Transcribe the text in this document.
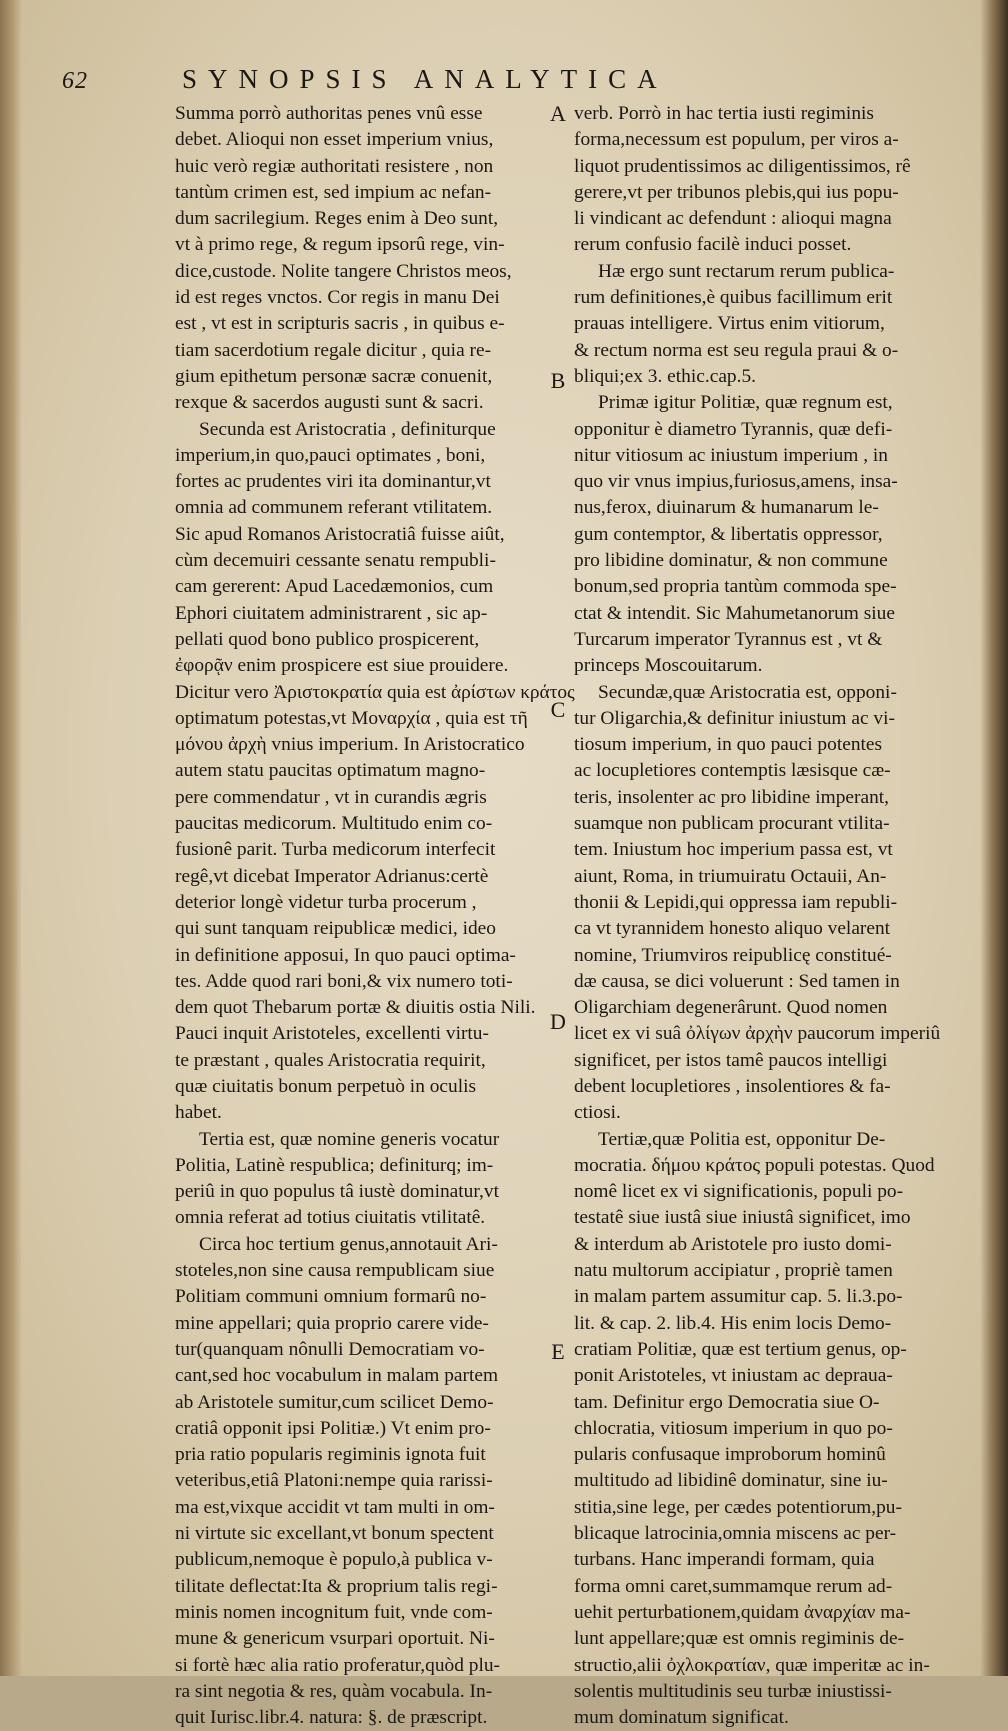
62	SYNOPSIS ANALYTICA
A
B
C
D
E
Summa porrò authoritas penes vnû esse
debet. Alioqui non esset imperium vnius,
huic verò regiæ authoritati resistere , non
tantùm crimen est, sed impium ac nefan-
dum sacrilegium. Reges enim à Deo sunt,
vt à primo rege, & regum ipsorû rege, vin-
dice,custode. Nolite tangere Christos meos,
id est reges vnctos. Cor regis in manu Dei
est , vt est in scripturis sacris , in quibus e-
tiam sacerdotium regale dicitur , quia re-
gium epithetum personæ sacræ conuenit,
rexque & sacerdos augusti sunt & sacri.
Secunda est Aristocratia , definiturque
imperium,in quo,pauci optimates , boni,
fortes ac prudentes viri ita dominantur,vt
omnia ad communem referant vtilitatem.
Sic apud Romanos Aristocratiâ fuisse aiût,
cùm decemuiri cessante senatu rempubli-
cam gererent: Apud Lacedæmonios, cum
Ephori ciuitatem administrarent , sic ap-
pellati quod bono publico prospicerent,
ἐφορᾷν enim prospicere est siue prouidere.
Dicitur vero Ἀριστοκρατία quia est ἀρίστων κράτος
optimatum potestas,vt Μοναρχία , quia est τῆ
μόνου ἀρχὴ vnius imperium. In Aristocratico
autem statu paucitas optimatum magno-
pere commendatur , vt in curandis ægris
paucitas medicorum. Multitudo enim co-
fusionê parit. Turba medicorum interfecit
regê,vt dicebat Imperator Adrianus:certè
deterior longè videtur turba procerum ,
qui sunt tanquam reipublicæ medici, ideo
in definitione apposui, In quo pauci optima-
tes. Adde quod rari boni,& vix numero toti-
dem quot Thebarum portæ & diuitis ostia Nili.
Pauci inquit Aristoteles, excellenti virtu-
te præstant , quales Aristocratia requirit,
quæ ciuitatis bonum perpetuò in oculis
habet.
Tertia est, quæ nomine generis vocatur
Politia, Latinè respublica; definiturq; im-
periû in quo populus tâ iustè dominatur,vt
omnia referat ad totius ciuitatis vtilitatê.
Circa hoc tertium genus,annotauit Ari-
stoteles,non sine causa rempublicam siue
Politiam communi omnium formarû no-
mine appellari; quia proprio carere vide-
tur(quanquam nônulli Democratiam vo-
cant,sed hoc vocabulum in malam partem
ab Aristotele sumitur,cum scilicet Demo-
cratiâ opponit ipsi Politiæ.) Vt enim pro-
pria ratio popularis regiminis ignota fuit
veteribus,etiâ Platoni:nempe quia rarissi-
ma est,vixque accidit vt tam multi in om-
ni virtute sic excellant,vt bonum spectent
publicum,nemoque è populo,à publica v-
tilitate deflectat:Ita & proprium talis regi-
minis nomen incognitum fuit, vnde com-
mune & genericum vsurpari oportuit. Ni-
si fortè hæc alia ratio proferatur,quòd plu-
ra sint negotia & res, quàm vocabula. In-
quit Iurisc.libr.4. natura: §. de præscript.
verb. Porrò in hac tertia iusti regiminis
forma,necessum est populum, per viros a-
liquot prudentissimos ac diligentissimos, rê
gerere,vt per tribunos plebis,qui ius popu-
li vindicant ac defendunt : alioqui magna
rerum confusio facilè induci posset.
Hæ ergo sunt rectarum rerum publica-
rum definitiones,è quibus facillimum erit
prauas intelligere. Virtus enim vitiorum,
& rectum norma est seu regula praui & o-
bliqui;ex 3. ethic.cap.5.
Primæ igitur Politiæ, quæ regnum est,
opponitur è diametro Tyrannis, quæ defi-
nitur vitiosum ac iniustum imperium , in
quo vir vnus impius,furiosus,amens, insa-
nus,ferox, diuinarum & humanarum le-
gum contemptor, & libertatis oppressor,
pro libidine dominatur, & non commune
bonum,sed propria tantùm commoda spe-
ctat & intendit. Sic Mahumetanorum siue
Turcarum imperator Tyrannus est , vt &
princeps Moscouitarum.
Secundæ,quæ Aristocratia est, opponi-
tur Oligarchia,& definitur iniustum ac vi-
tiosum imperium, in quo pauci potentes
ac locupletiores contemptis læsisque cæ-
teris, insolenter ac pro libidine imperant,
suamque non publicam procurant vtilita-
tem. Iniustum hoc imperium passa est, vt
aiunt, Roma, in triumuiratu Octauii, An-
thonii & Lepidi,qui oppressa iam republi-
ca vt tyrannidem honesto aliquo velarent
nomine, Triumviros reipublicę constitué-
dæ causa, se dici voluerunt : Sed tamen in
Oligarchiam degenerârunt. Quod nomen
licet ex vi suâ ὀλίγων ἀρχὴν paucorum imperiû
significet, per istos tamê paucos intelligi
debent locupletiores , insolentiores & fa-
ctiosi.
Tertiæ,quæ Politia est, opponitur De-
mocratia. δήμου κράτος populi potestas. Quod
nomê licet ex vi significationis, populi po-
testatê siue iustâ siue iniustâ significet, imo
& interdum ab Aristotele pro iusto domi-
natu multorum accipiatur , propriè tamen
in malam partem assumitur cap. 5. li.3.po-
lit. & cap. 2. lib.4. His enim locis Demo-
cratiam Politiæ, quæ est tertium genus, op-
ponit Aristoteles, vt iniustam ac deprauа-
tam. Definitur ergo Democratia siue O-
chlocratia, vitiosum imperium in quo po-
pularis confusaque improborum hominû
multitudo ad libidinê dominatur, sine iu-
stitia,sine lege, per cædes potentiorum,pu-
blicaque latrocinia,omnia miscens ac per-
turbans. Hanc imperandi formam, quia
forma omni caret,summamque rerum ad-
uehit perturbationem,quidam ἀναρχίαν ma-
lunt appellare;quæ est omnis regiminis de-
structio,alii ὀχλοκρατίαν, quæ imperitæ ac in-
solentis multitudinis seu turbæ iniustissi-
mum dominatum significat.
